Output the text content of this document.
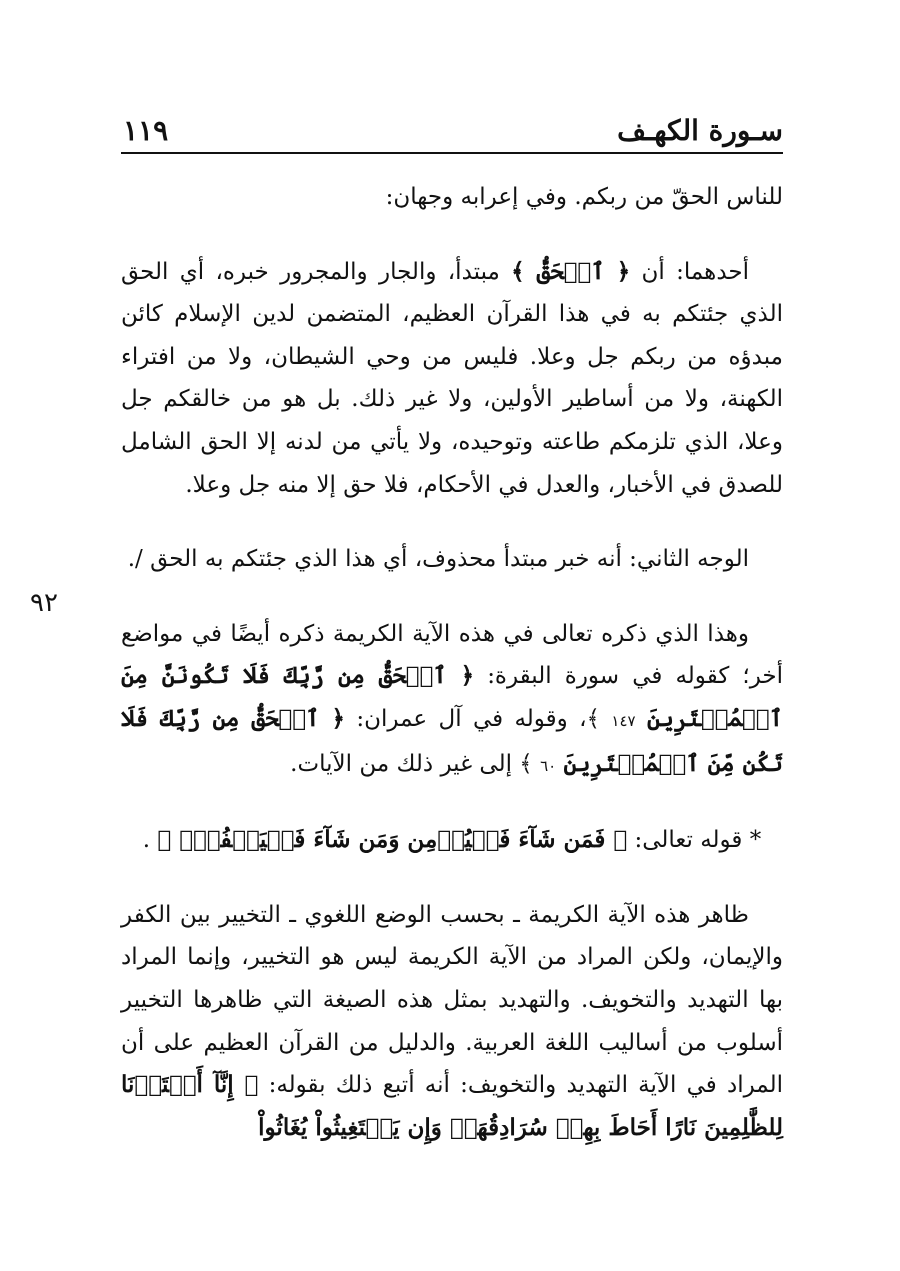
سـورة الكهـف
١١٩
٩٢

للناس الحقّ من ربكم. وفي إعرابه وجهان:

أحدهما: أن ﴿ ٱلۡحَقُّ ﴾ مبتدأ، والجار والمجرور خبره، أي الحق الذي جئتكم به في هذا القرآن العظيم، المتضمن لدين الإسلام كائن مبدؤه من ربكم جل وعلا. فليس من وحي الشيطان، ولا من افتراء الكهنة، ولا من أساطير الأولين، ولا غير ذلك. بل هو من خالقكم جل وعلا، الذي تلزمكم طاعته وتوحيده، ولا يأتي من لدنه إلا الحق الشامل للصدق في الأخبار، والعدل في الأحكام، فلا حق إلا منه جل وعلا.

الوجه الثاني: أنه خبر مبتدأ محذوف، أي هذا الذي جئتكم به الحق /.

وهذا الذي ذكره تعالى في هذه الآية الكريمة ذكره أيضًا في مواضع أخر؛ كقوله في سورة البقرة: ﴿ ٱلۡحَقُّ مِن رَّبِّكَ فَلَا تَكُونَنَّ مِنَ ٱلۡمُمۡتَرِينَ ١٤٧ ﴾، وقوله في آل عمران: ﴿ ٱلۡحَقُّ مِن رَّبِّكَ فَلَا تَكُن مِّنَ ٱلۡمُمۡتَرِينَ ٦٠ ﴾ إلى غير ذلك من الآيات.

* قوله تعالى: ﴿ فَمَن شَآءَ فَلۡيُؤۡمِن وَمَن شَآءَ فَلۡيَكۡفُرۡۚ ﴾ .

ظاهر هذه الآية الكريمة ـ بحسب الوضع اللغوي ـ التخيير بين الكفر والإيمان، ولكن المراد من الآية الكريمة ليس هو التخيير، وإنما المراد بها التهديد والتخويف. والتهديد بمثل هذه الصيغة التي ظاهرها التخيير أسلوب من أساليب اللغة العربية. والدليل من القرآن العظيم على أن المراد في الآية التهديد والتخويف: أنه أتبع ذلك بقوله: ﴿ إِنَّآ أَعۡتَدۡنَا لِلظَّٰلِمِينَ نَارًا أَحَاطَ بِهِمۡ سُرَادِقُهَاۚ وَإِن يَسۡتَغِيثُواْ يُغَاثُواْ
